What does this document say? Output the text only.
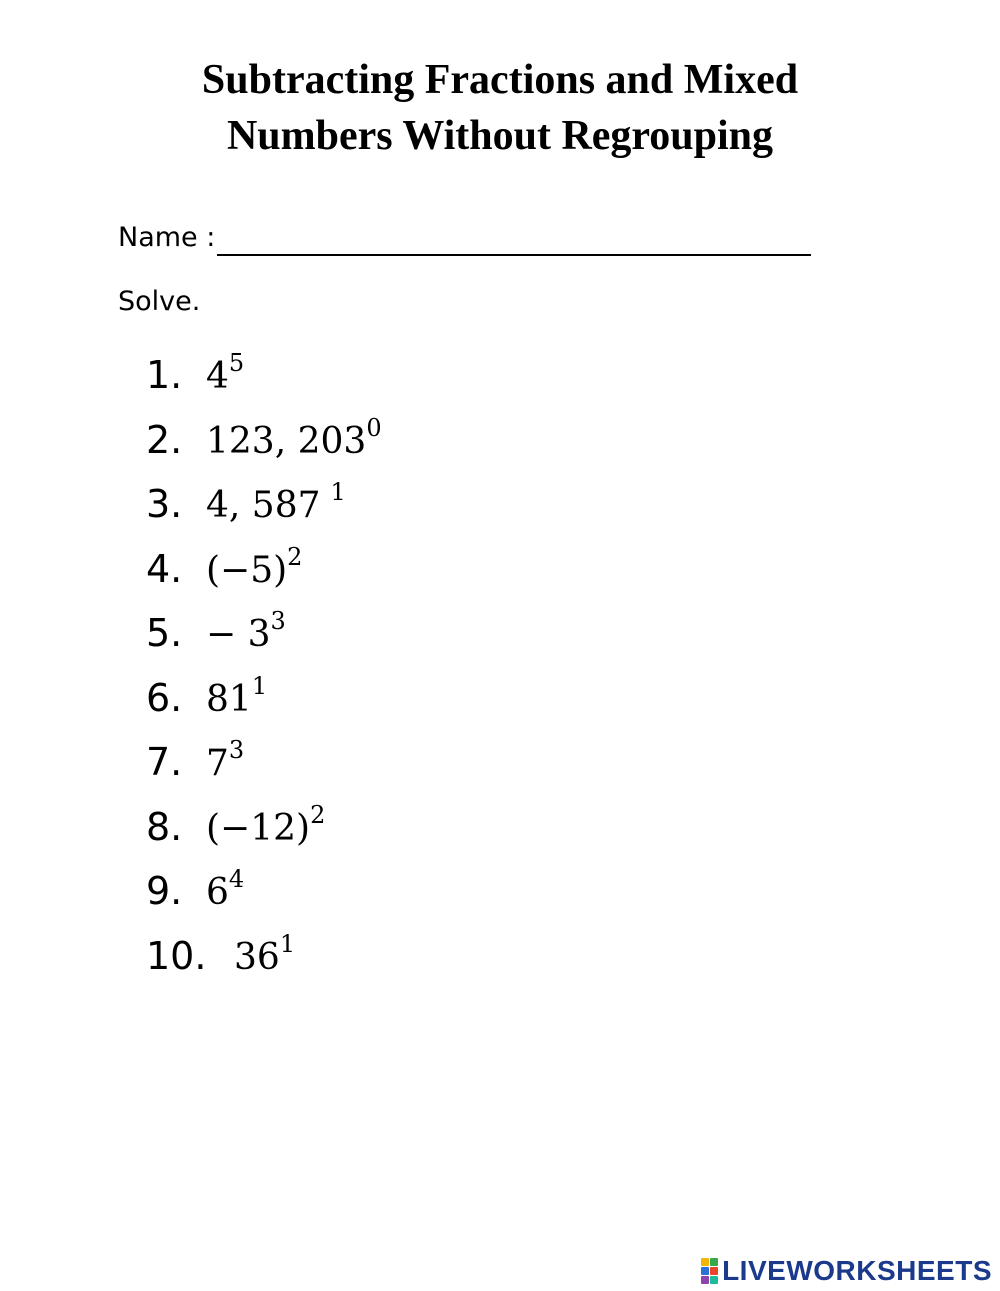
Subtracting Fractions and Mixed
Numbers Without Regrouping
Name :
Solve.
1. $4^5$
2. 123, $203^0$
3. 4, 587 $^1$
4. $(-5)^2$
5. − $3^3$
6. $81^1$
7. $7^3$
8. $(-12)^2$
9. $6^4$
10. $36^1$
LIVEWORKSHEETS
